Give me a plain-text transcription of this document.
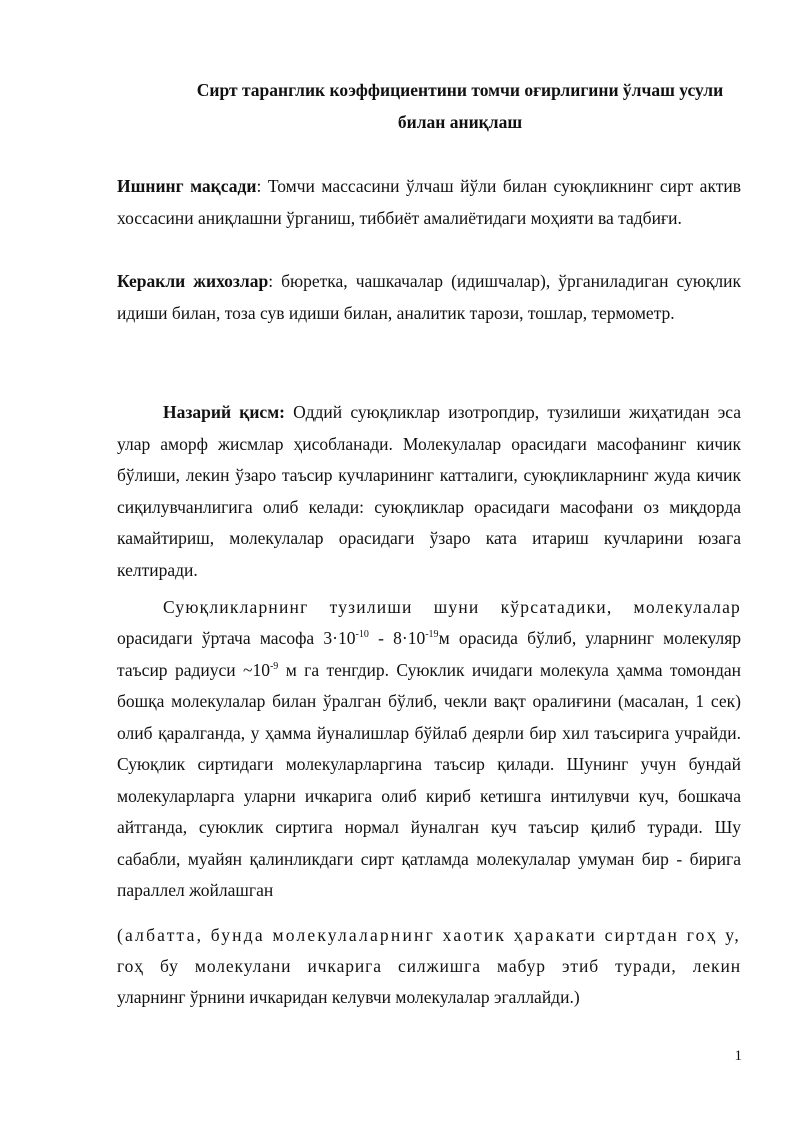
Сирт таранглик коэффициентини томчи оғирлигини ўлчаш усули
билан аниқлаш

Ишнинг мақсади: Томчи массасини ўлчаш йўли билан суюқликнинг сирт актив хоссасини аниқлашни ўрганиш, тиббиёт амалиётидаги моҳияти ва тадбиғи.

Керакли жихозлар: бюретка, чашкачалар (идишчалар), ўрганиладиган суюқлик идиши билан, тоза сув идиши билан, аналитик тарози, тошлар, термометр.

Назарий қисм: Оддий суюқликлар изотропдир, тузилиши жиҳатидан эса улар аморф жисмлар ҳисобланади. Молекулалар орасидаги масофанинг кичик бўлиши, лекин ўзаро таъсир кучларининг катталиги, суюқликларнинг жуда кичик сиқилувчанлигига олиб келади: суюқликлар орасидаги масофани оз миқдорда камайтириш, молекулалар орасидаги ўзаро ката итариш кучларини юзага келтиради.

Суюқликларнинг тузилиши шуни кўрсатадики, молекулалар

орасидаги ўртача масофа $3\cdot 10^{-10} - 8\cdot 10^{-19}м$ орасида бўлиб, уларнинг молекуляр таъсир радиуси $\sim 10^{-9}$ м га тенгдир. Суюклик ичидаги молекула ҳамма томондан бошқа молекулалар билан ўралган бўлиб, чекли вақт оралиғини (масалан, 1 сек) олиб қаралганда, у ҳамма йуналишлар бўйлаб деярли бир хил таъсирига учрайди. Суюқлик сиртидаги молекуларларгина таъсир қилади. Шунинг учун бундай молекуларларга уларни ичкарига олиб кириб кетишга интилувчи куч, бошкача айтганда, суюклик сиртига нормал йуналган куч таъсир қилиб туради. Шу сабабли, муайян қалинликдаги сирт қатламда молекулалар умуман бир - бирига параллел жойлашган

(албатта, бунда молекулаларнинг хаотик ҳаракати сиртдан гоҳ у,

гоҳ бу молекулани ичкарига силжишга мабур этиб туради, лекин

уларнинг ўрнини ичкаридан келувчи молекулалар эгаллайди.)

1
